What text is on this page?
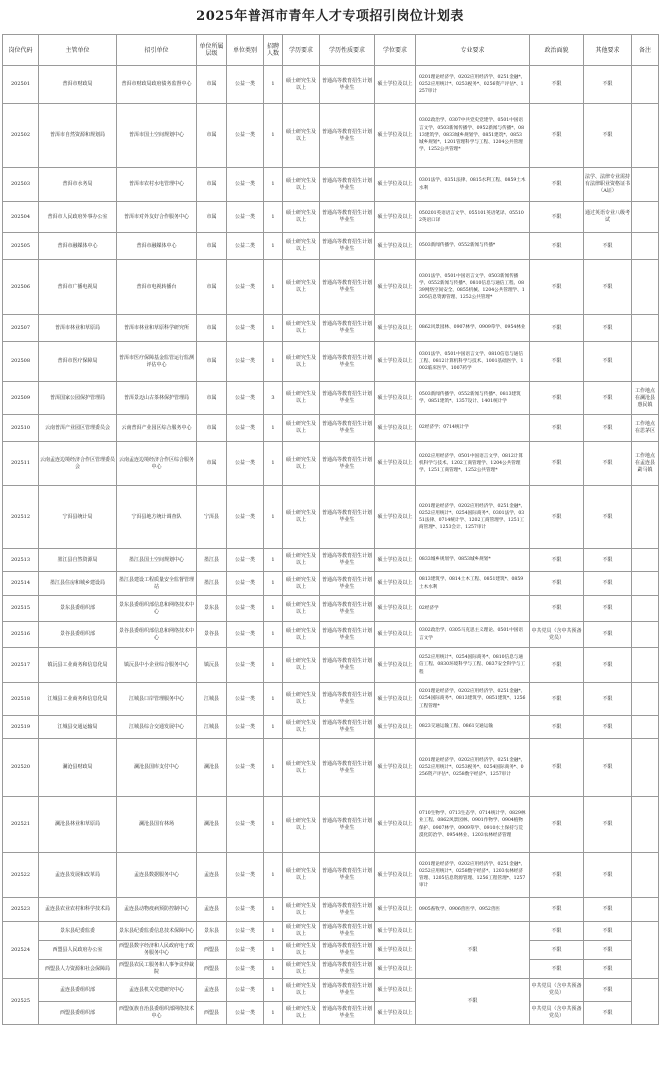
2025年普洱市青年人才专项招引岗位计划表
岗位代码	主管单位	招引单位	单位所属层级	单位类别	招聘人数	学历要求	学历性质要求	学位要求	专业要求	政治面貌	其他要求	备注
202501	普洱市财政局	普洱市财政局政府债务监督中心	市属	公益一类	1	硕士研究生及以上	普通高等教育招生计划毕业生	硕士学位及以上	0201理论经济学、0202应用经济学、0251金融*、0252应用统计*、0253税务*、0256资产评估*、1257审计	不限	不限	
202502	普洱市自然资源和规划局	普洱市国土空间规划中心	市属	公益一类	1	硕士研究生及以上	普通高等教育招生计划毕业生	硕士学位及以上	0302政治学、0307中共党史党建学、0501中国语言文学、0503新闻传播学、0952新闻与传播*、0813建筑学、0833城乡规划学、0851建筑*、0853城乡规划*、1201管理科学与工程、1204公共管理学、1252公共管理*	不限	不限	
202503	普洱市水务局	普洱市农村水电管理中心	市属	公益一类	1	硕士研究生及以上	普通高等教育招生计划毕业生	硕士学位及以上	0301法学、0351法律、0815水利工程、0859土木水利	不限	法学、法律专业需持有法律职业资格证书（A证）	
202504	普洱市人民政府外事办公室	普洱市对外友好合作服务中心	市属	公益一类	1	硕士研究生及以上	普通高等教育招生计划毕业生	硕士学位及以上	050201英语语言文学、055101英语笔译、055102英语口译	不限	通过英语专业八级考试	
202505	普洱市融媒体中心	普洱市融媒体中心	市属	公益二类	1	硕士研究生及以上	普通高等教育招生计划毕业生	硕士学位及以上	0503新闻传播学、0552新闻与传播*	不限	不限	
202506	普洱市广播电视局	普洱市电视转播台	市属	公益一类	1	硕士研究生及以上	普通高等教育招生计划毕业生	硕士学位及以上	0301法学、0501中国语言文学、0503新闻传播学、0552新闻与传播*、0810信息与通信工程、0839网络空间安全、0855机械、1204公共管理学、1205信息资源管理、1252公共管理*	不限	不限	
202507	普洱市林业和草原局	普洱市林业和草原科学研究所	市属	公益一类	1	硕士研究生及以上	普通高等教育招生计划毕业生	硕士学位及以上	0862风景园林、0907林学、0909草学、0954林业	不限	不限	
202508	普洱市医疗保障局	普洱市医疗保障基金监管运行监测评估中心	市属	公益一类	1	硕士研究生及以上	普通高等教育招生计划毕业生	硕士学位及以上	0301法学、0501中国语言文学、0810信息与通信工程、0812计算机科学与技术、1001基础医学、1002临床医学、1007药学	不限	不限	
202509	普洱国家公园保护管理局	普洱景迈山古茶林保护管理局	市属	公益一类	3	硕士研究生及以上	普通高等教育招生计划毕业生	硕士学位及以上	0503新闻传播学、0552新闻与传播*、0813建筑学、0851建筑*、1357设计、1401统计学	不限	不限	工作地点在澜沧县惠民镇
202510	云南普洱产业园区管理委员会	云南普洱产业园区综合服务中心	市属	公益一类	1	硕士研究生及以上	普通高等教育招生计划毕业生	硕士学位及以上	02经济学；0714统计学	不限	不限	工作地点在思茅区
202511	云南孟连边境经济合作区管理委员会	云南孟连边境经济合作区综合服务中心	市属	公益一类	1	硕士研究生及以上	普通高等教育招生计划毕业生	硕士学位及以上	0202应用经济学、0501中国语言文学、0812计算机科学与技术、1202工商管理学、1204公共管理学、1251工商管理*、1252公共管理*	不限	不限	工作地点在孟连县勐马镇
202512	宁洱县统计局	宁洱县地方统计调查队	宁洱县	公益一类	1	硕士研究生及以上	普通高等教育招生计划毕业生	硕士学位及以上	0201理论经济学、0202应用经济学、0251金融*、0252应用统计*、0254国际商务*、0301法学、0351法律、0714统计学、1202工商管理学、1251工商管理*、1253会计、1257审计	不限	不限	
202513	墨江县自然资源局	墨江县国土空间规划中心	墨江县	公益一类	1	硕士研究生及以上	普通高等教育招生计划毕业生	硕士学位及以上	0833城乡规划学、0853城乡规划*	不限	不限	
202514	墨江县住房和城乡建设局	墨江县建设工程质量安全监督管理站	墨江县	公益一类	1	硕士研究生及以上	普通高等教育招生计划毕业生	硕士学位及以上	0813建筑学、0814土木工程、0851建筑*、0859土木水利	不限	不限	
202515	景东县委组织部	景东县委组织部信息和网络技术中心	景东县	公益一类	1	硕士研究生及以上	普通高等教育招生计划毕业生	硕士学位及以上	02经济学	不限	不限	
202516	景谷县委组织部	景谷县委组织部信息和网络技术中心	景谷县	公益一类	1	硕士研究生及以上	普通高等教育招生计划毕业生	硕士学位及以上	0302政治学、0305马克思主义理论、0501中国语言文学	中共党员（含中共预备党员）	不限	
202517	镇沅县工业商务和信息化局	镇沅县中小企业综合服务中心	镇沅县	公益一类	1	硕士研究生及以上	普通高等教育招生计划毕业生	硕士学位及以上	0252应用统计*、0254国际商务*、0810信息与通信工程、0830环境科学与工程、0837安全科学与工程	不限	不限	
202518	江城县工业商务和信息化局	江城县口岸管理服务中心	江城县	公益一类	1	硕士研究生及以上	普通高等教育招生计划毕业生	硕士学位及以上	0201理论经济学、0202应用经济学、0251金融*、0254国际商务*、0813建筑学、0851建筑*、1256工程管理*	不限	不限	
202519	江城县交通运输局	江城县综合交通发展中心	江城县	公益一类	1	硕士研究生及以上	普通高等教育招生计划毕业生	硕士学位及以上	0823交通运输工程、0861交通运输	不限	不限	
202520	澜沧县财政局	澜沧县国库支付中心	澜沧县	公益一类	1	硕士研究生及以上	普通高等教育招生计划毕业生	硕士学位及以上	0201理论经济学、0202应用经济学、0251金融*、0252应用统计*、0253税务*、0254国际商务*、0256资产评估*、0258数字经济*、1257审计	不限	不限	
202521	澜沧县林业和草原局	澜沧县国有林场	澜沧县	公益一类	1	硕士研究生及以上	普通高等教育招生计划毕业生	硕士学位及以上	0710生物学、0713生态学、0714统计学、0829林业工程、0862风景园林、0901作物学、0904植物保护、0907林学、0909草学、0910水土保持与荒漠化防治学、0954林业、1203农林经济管理	不限	不限	
202522	孟连县发展和改革局	孟连县数据服务中心	孟连县	公益一类	1	硕士研究生及以上	普通高等教育招生计划毕业生	硕士学位及以上	0201理论经济学、0202应用经济学、0251金融*、0252应用统计*、0258数字经济*、1203农林经济管理、1205信息资源管理、1256工程管理*、1257审计	不限	不限	
202523	孟连县农业农村和科学技术局	孟连县动物疫病预防控制中心	孟连县	公益一类	1	硕士研究生及以上	普通高等教育招生计划毕业生	硕士学位及以上	0905畜牧学、0906兽医学、0952兽医	不限	不限	
202524	景东县纪委监委	景东县纪委监委信息技术保障中心	景东县	公益一类	1	硕士研究生及以上	普通高等教育招生计划毕业生	硕士学位及以上	不限	不限	不限	
	西盟县人民政府办公室	西盟县数字经济和人民政府电子政务服务中心	西盟县	公益一类	1	硕士研究生及以上	普通高等教育招生计划毕业生	硕士学位及以上		不限	不限	
	西盟县人力资源和社会保障局	西盟县农民工服务和人事争议仲裁院	西盟县	公益一类	1	硕士研究生及以上	普通高等教育招生计划毕业生	硕士学位及以上		不限	不限	
202525	孟连县委组织部	孟连县机关党建研究中心	孟连县	公益一类	1	硕士研究生及以上	普通高等教育招生计划毕业生	硕士学位及以上	不限	中共党员（含中共预备党员）	不限	
	西盟县委组织部	西盟佤族自治县委组织部网络技术中心	西盟县	公益一类	1	硕士研究生及以上	普通高等教育招生计划毕业生	硕士学位及以上		中共党员（含中共预备党员）	不限	
